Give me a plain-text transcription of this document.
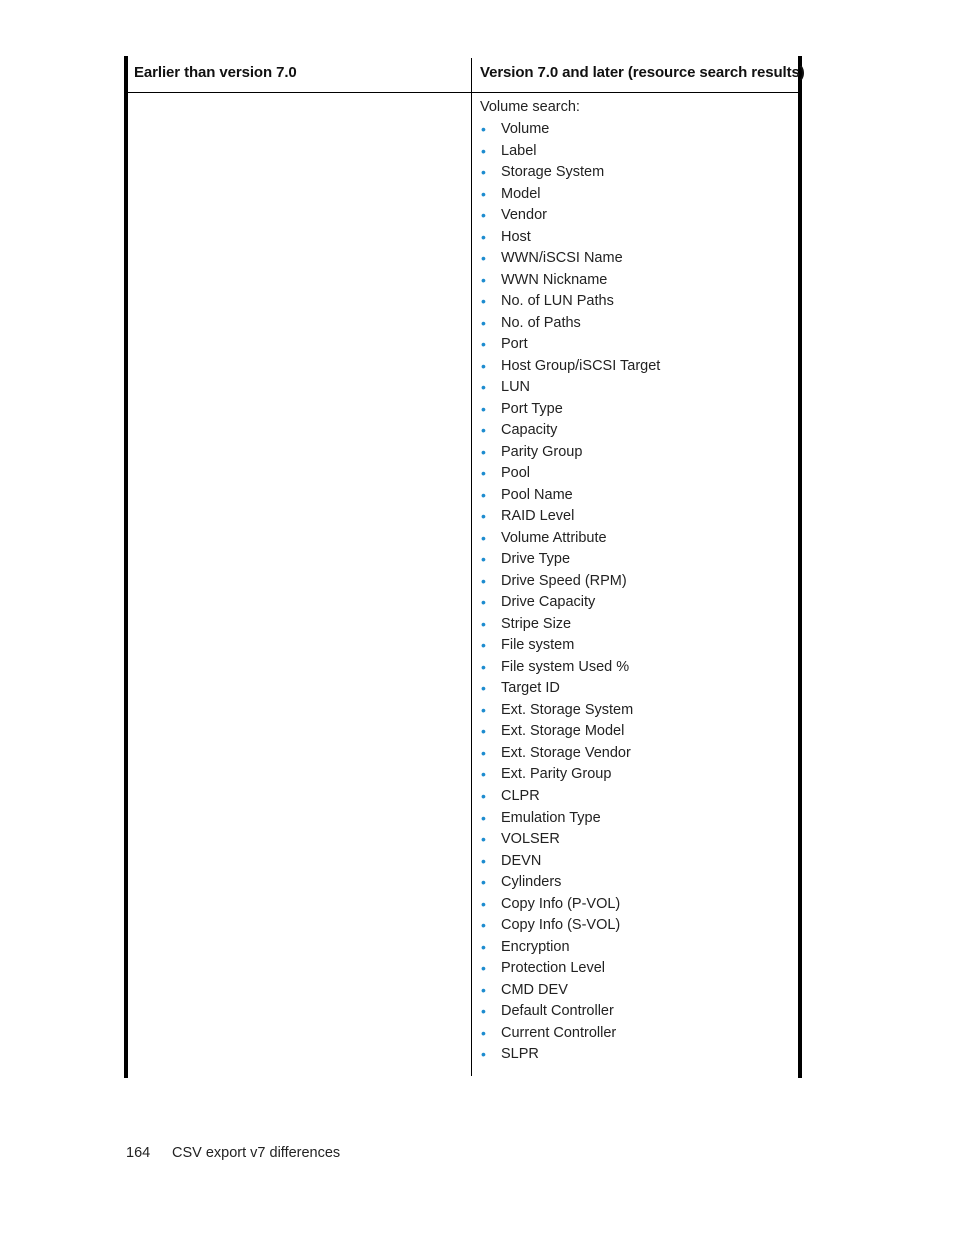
Earlier than version 7.0	Version 7.0 and later (resource search results)
Volume search:
• Volume
• Label
• Storage System
• Model
• Vendor
• Host
• WWN/iSCSI Name
• WWN Nickname
• No. of LUN Paths
• No. of Paths
• Port
• Host Group/iSCSI Target
• LUN
• Port Type
• Capacity
• Parity Group
• Pool
• Pool Name
• RAID Level
• Volume Attribute
• Drive Type
• Drive Speed (RPM)
• Drive Capacity
• Stripe Size
• File system
• File system Used %
• Target ID
• Ext. Storage System
• Ext. Storage Model
• Ext. Storage Vendor
• Ext. Parity Group
• CLPR
• Emulation Type
• VOLSER
• DEVN
• Cylinders
• Copy Info (P-VOL)
• Copy Info (S-VOL)
• Encryption
• Protection Level
• CMD DEV
• Default Controller
• Current Controller
• SLPR
164 CSV export v7 differences
